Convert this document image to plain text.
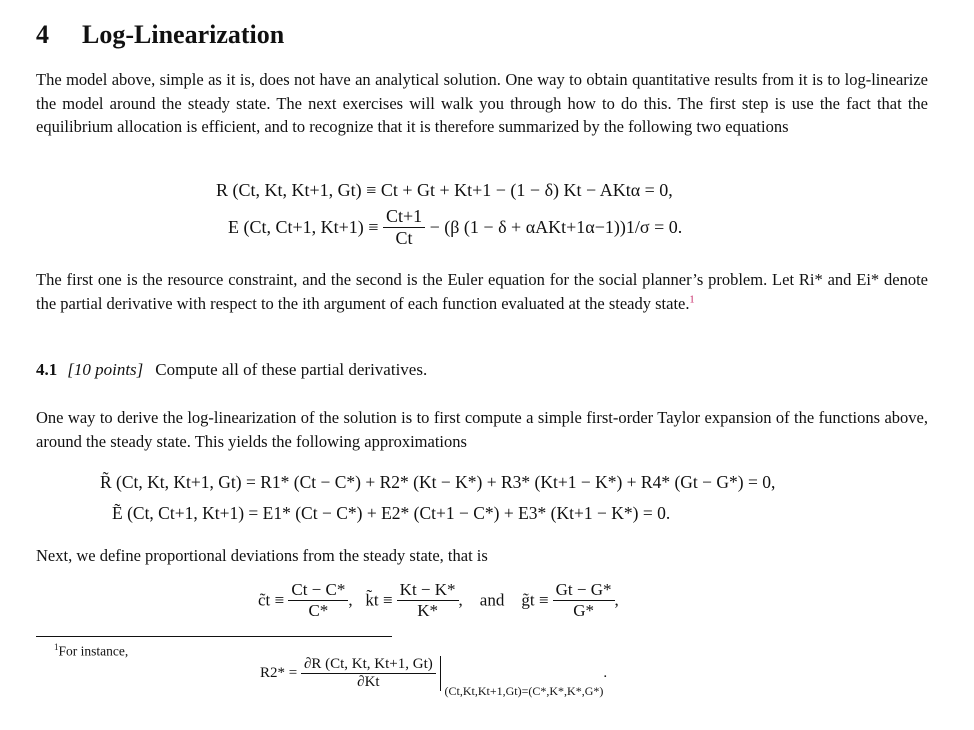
4 Log-Linearization
The model above, simple as it is, does not have an analytical solution. One way to obtain quantitative results from it is to log-linearize the model around the steady state. The next exercises will walk you through how to do this. The first step is use the fact that the equilibrium allocation is efficient, and to recognize that it is therefore summarized by the following two equations
R (Ct, Kt, Kt+1, Gt) ≡ Ct + Gt + Kt+1 − (1 − δ) Kt − AKtα = 0,
E (Ct, Ct+1, $Kt+1) \equiv \frac{Ct+1}{Ct} - (\beta$ (1 − δ + αAKt+1α−1))1/σ = 0.
The first one is the resource constraint, and the second is the Euler equation for the social planner’s problem. Let Ri* and Ei* denote the partial derivative with respect to the ith argument of each function evaluated at the steady state.$^1$
4.1 [10 points] Compute all of these partial derivatives.
One way to derive the log-linearization of the solution is to first compute a simple first-order Taylor expansion of the functions above, around the steady state. This yields the following approximations
R̃ (Ct, Kt, Kt+1, Gt) = R1* (Ct − C*) + R2* (Kt − K*) + R3* (Kt+1 − K*) + R4* (Gt − G*) = 0,
Ẽ (Ct, Ct+1, Kt+1) = E1* (Ct − C*) + E2* (Ct+1 − C*) + E3* (Kt+1 − K*) = 0.
Next, we define proportional deviations from the steady state, that is
c̃t ≡ $\frac{Ct - C*}{C*}$ ,   k̃t ≡ $\frac{Kt - K*}{K*}$ ,    and g̃t ≡ $\frac{Gt - G*}{G*}$ ,
$^1$For instance,
$R2* = \frac{\partial R (Ct, Kt, Kt+1, Gt)}{\partial Kt} _{(Ct,Kt,Kt+1,Gt)=(C*,K*,K*,G*)}$.
